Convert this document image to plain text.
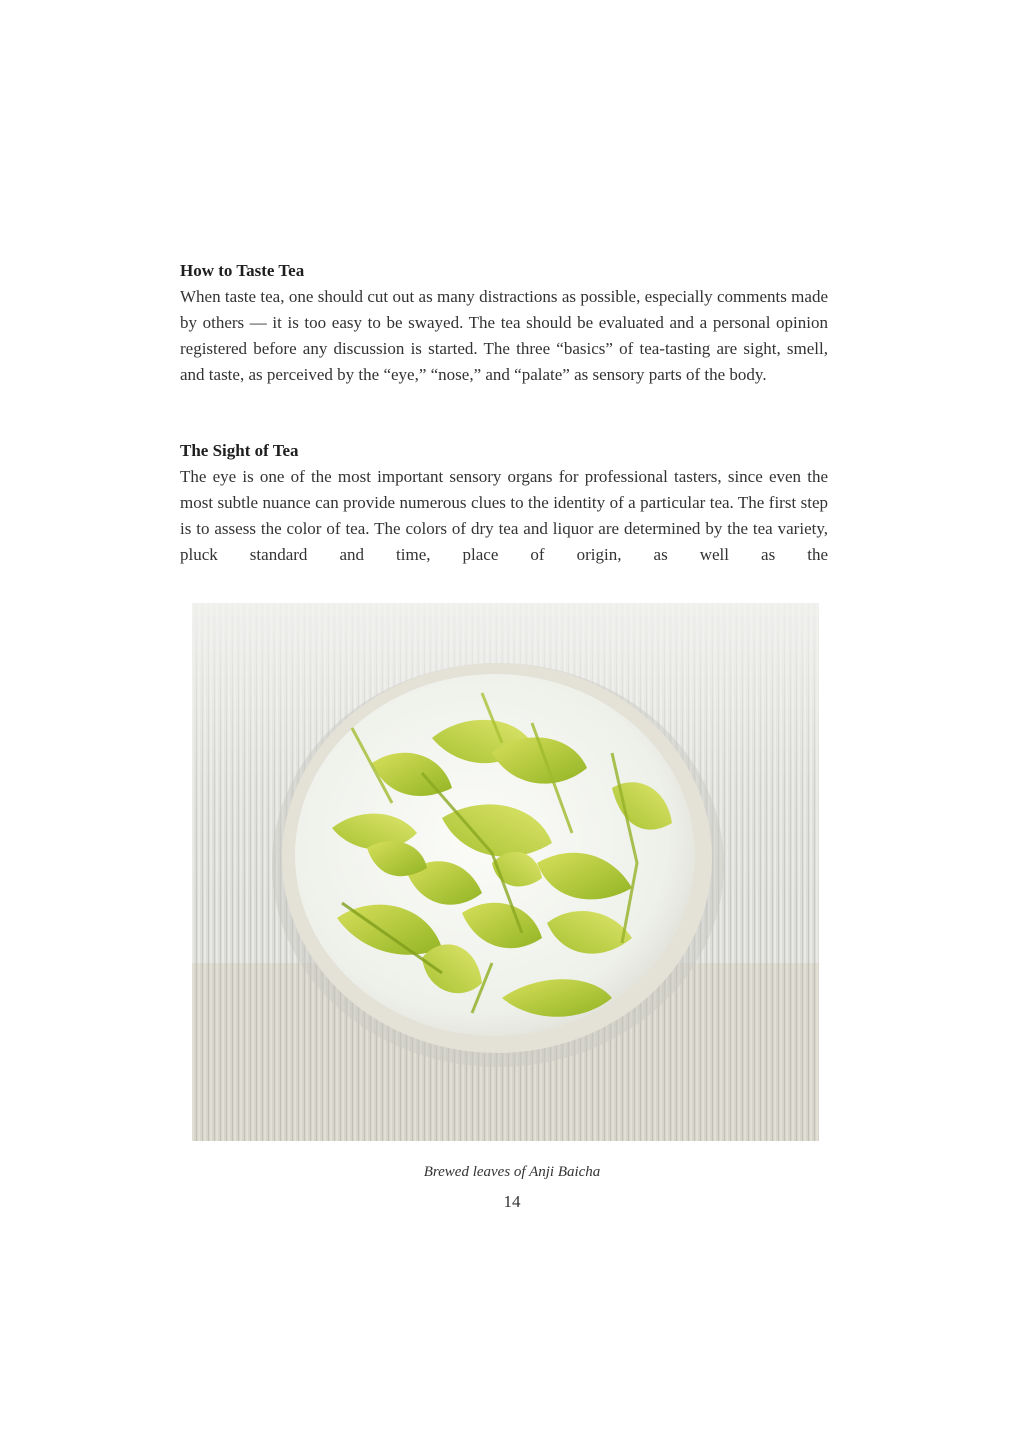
How to Taste Tea

When taste tea, one should cut out as many distractions as possible, especially comments made by others — it is too easy to be swayed. The tea should be evaluated and a personal opinion registered before any discussion is started. The three “basics” of tea-tasting are sight, smell, and taste, as perceived by the “eye,” “nose,” and “palate” as sensory parts of the body.

The Sight of Tea

The eye is one of the most important sensory organs for professional tasters, since even the most subtle nuance can provide numerous clues to the identity of a particular tea. The first step is to assess the color of tea. The colors of dry tea and liquor are determined by the tea variety, pluck standard and time, place of origin, as well as the

Brewed leaves of Anji Baicha
14
